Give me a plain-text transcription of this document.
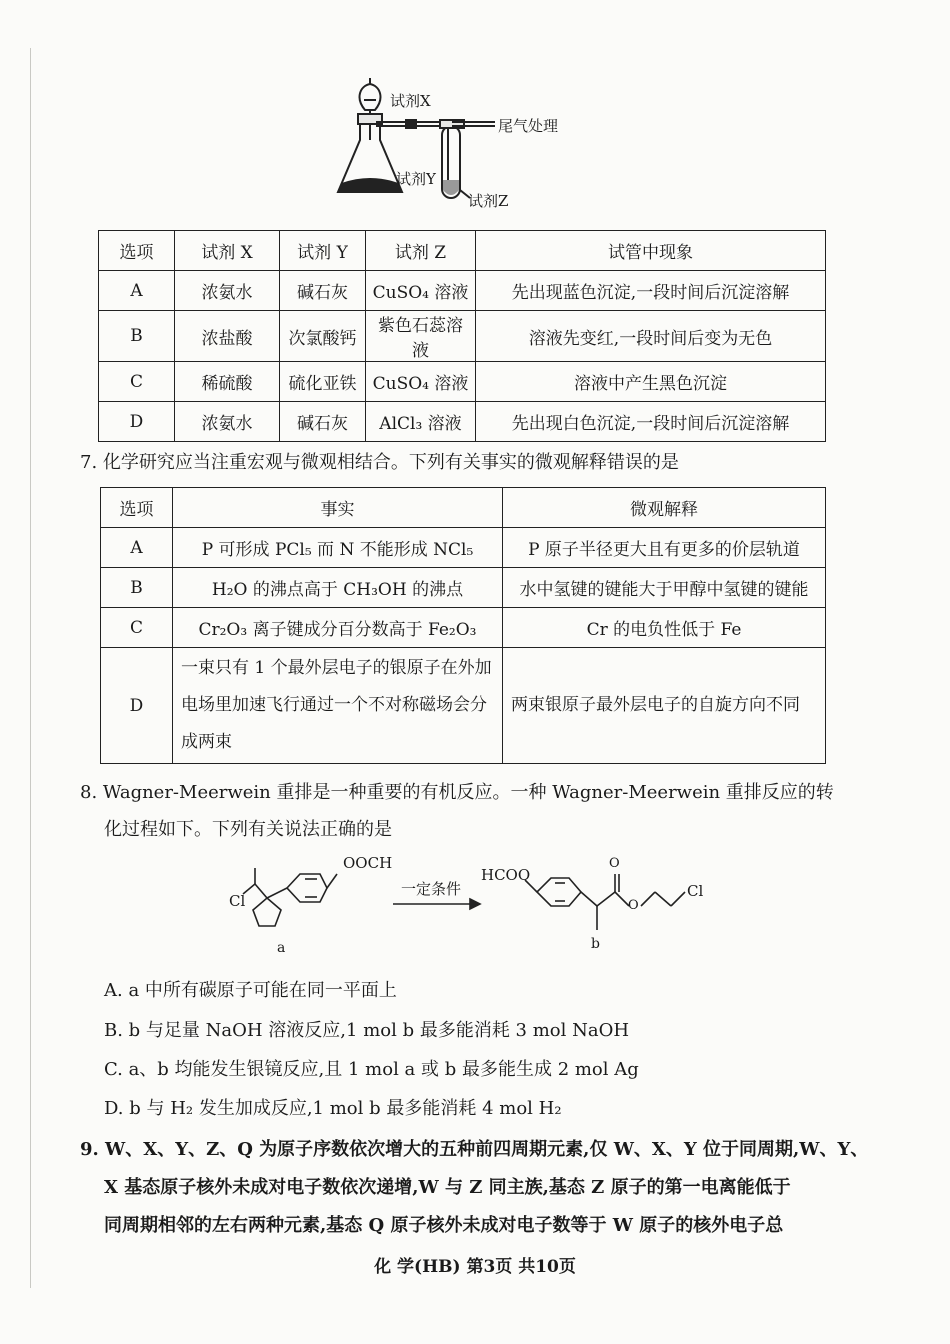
试剂X
尾气处理
试剂Y
试剂Z
选项	试剂 X	试剂 Y	试剂 Z	试管中现象
A	浓氨水	碱石灰	CuSO₄ 溶液	先出现蓝色沉淀,一段时间后沉淀溶解
B	浓盐酸	次氯酸钙	紫色石蕊溶液	溶液先变红,一段时间后变为无色
C	稀硫酸	硫化亚铁	CuSO₄ 溶液	溶液中产生黑色沉淀
D	浓氨水	碱石灰	AlCl₃ 溶液	先出现白色沉淀,一段时间后沉淀溶解
7. 化学研究应当注重宏观与微观相结合。下列有关事实的微观解释错误的是
选项	事实	微观解释
A	P 可形成 PCl₅ 而 N 不能形成 NCl₅	P 原子半径更大且有更多的价层轨道
B	H₂O 的沸点高于 CH₃OH 的沸点	水中氢键的键能大于甲醇中氢键的键能
C	Cr₂O₃ 离子键成分百分数高于 Fe₂O₃	Cr 的电负性低于 Fe
D	一束只有 1 个最外层电子的银原子在外加电场里加速飞行通过一个不对称磁场会分成两束	两束银原子最外层电子的自旋方向不同
8. Wagner-Meerwein 重排是一种重要的有机反应。一种 Wagner-Meerwein 重排反应的转
化过程如下。下列有关说法正确的是
OOCH
Cl
a
一定条件
HCOO
O
O
Cl
b
A. a 中所有碳原子可能在同一平面上
B. b 与足量 NaOH 溶液反应,1 mol b 最多能消耗 3 mol NaOH
C. a、b 均能发生银镜反应,且 1 mol a 或 b 最多能生成 2 mol Ag
D. b 与 H₂ 发生加成反应,1 mol b 最多能消耗 4 mol H₂
9. W、X、Y、Z、Q 为原子序数依次增大的五种前四周期元素,仅 W、X、Y 位于同周期,W、Y、
X 基态原子核外未成对电子数依次递增,W 与 Z 同主族,基态 Z 原子的第一电离能低于
同周期相邻的左右两种元素,基态 Q 原子核外未成对电子数等于 W 原子的核外电子总
化 学(HB) 第3页 共10页
